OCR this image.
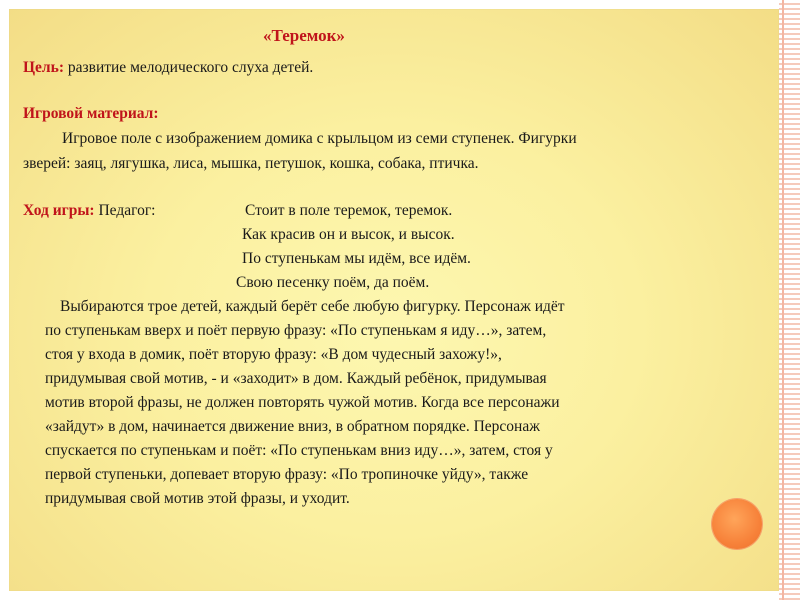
«Теремок»
Цель: развитие мелодического слуха детей.
Игровой материал:
Игровое поле с изображением домика с крыльцом из семи ступенек. Фигурки
зверей: заяц, лягушка, лиса, мышка, петушок, кошка, собака, птичка.
Ход игры: Педагог:	Стоит в поле теремок, теремок.
Как красив он и высок, и высок.
По ступенькам мы идём, все идём.
Свою песенку поём, да поём.
Выбираются трое детей, каждый берёт себе любую фигурку. Персонаж идёт
по ступенькам вверх и поёт первую фразу: «По ступенькам я иду…», затем,
стоя у входа в домик, поёт вторую фразу: «В дом чудесный захожу!»,
придумывая свой мотив, - и «заходит» в дом. Каждый ребёнок, придумывая
мотив второй фразы, не должен повторять чужой мотив. Когда все персонажи
«зайдут» в дом, начинается движение вниз, в обратном порядке. Персонаж
спускается по ступенькам и поёт: «По ступенькам вниз иду…», затем, стоя у
первой ступеньки, допевает вторую фразу: «По тропиночке уйду», также
придумывая свой мотив этой фразы, и уходит.
